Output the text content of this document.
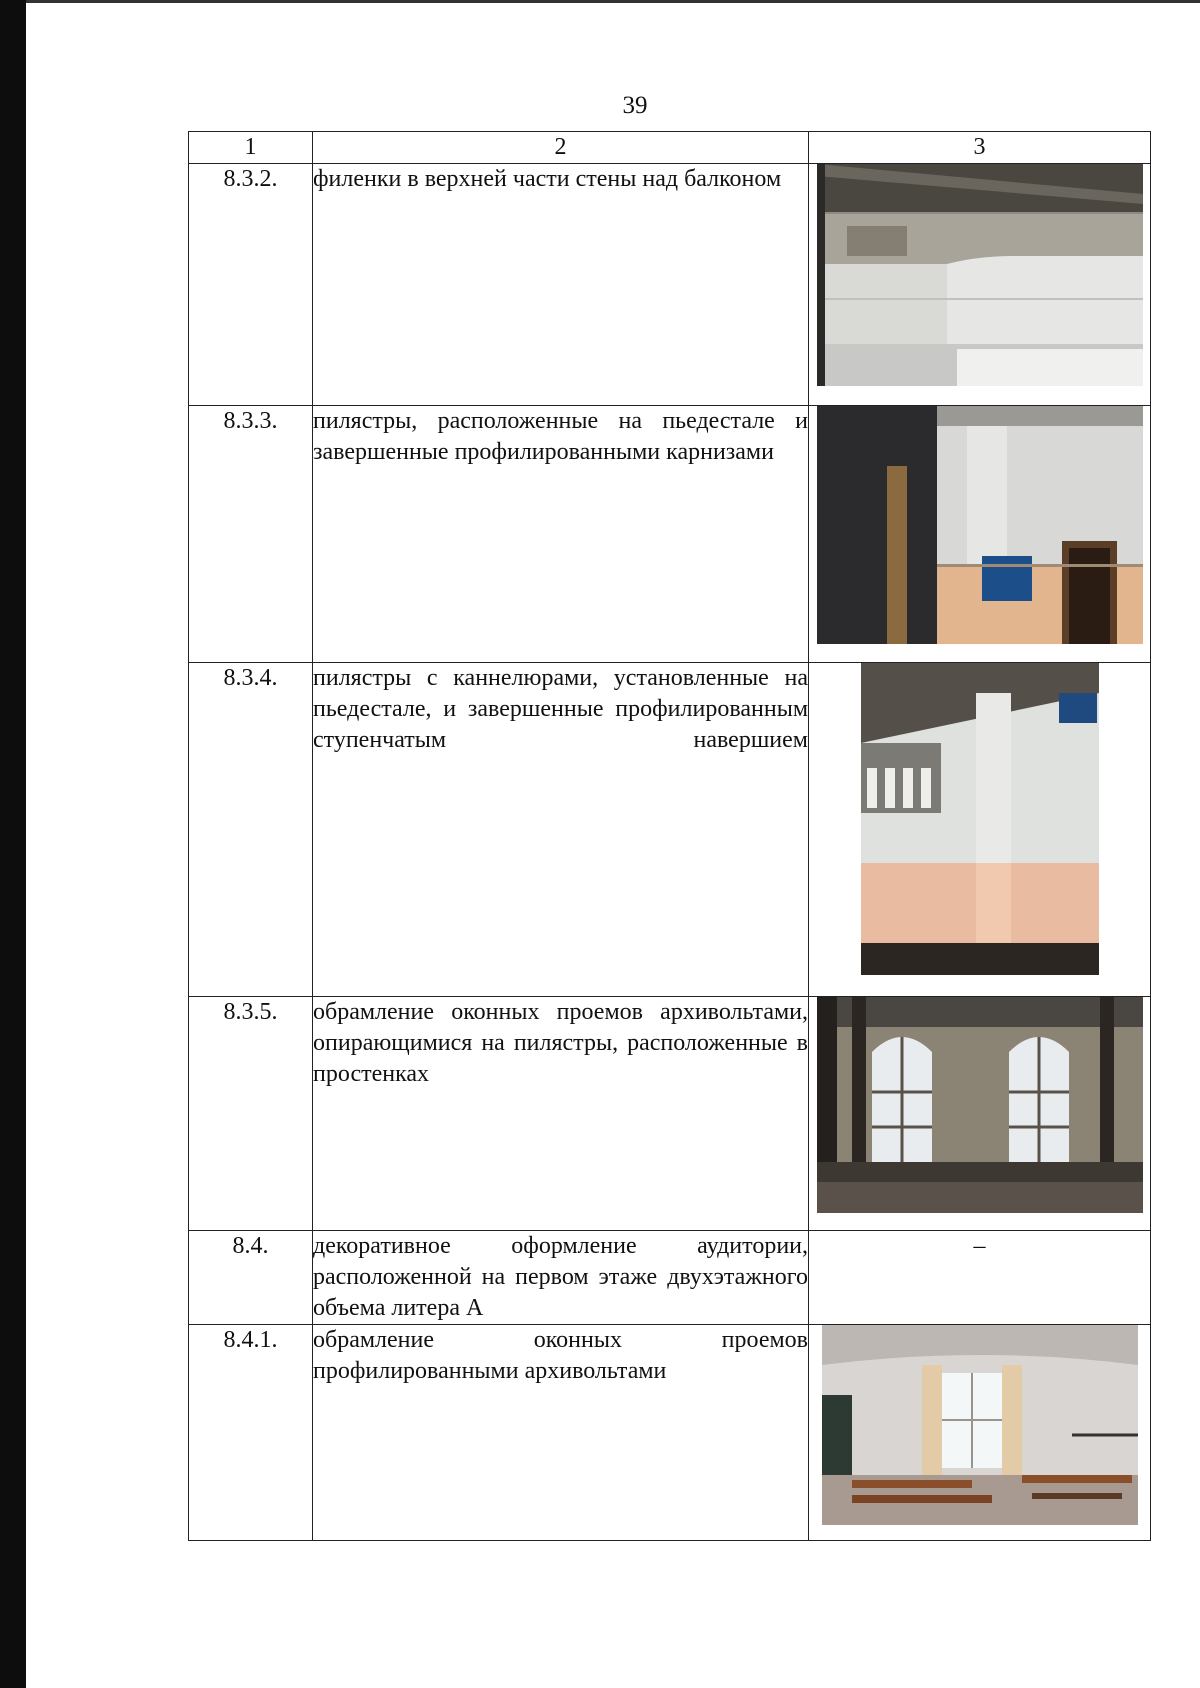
39
1	2	3
8.3.2.	филенки в верхней части стены над балконом	

8.3.3.	пилястры, расположенные на пьедестале и завершенные профилированными карнизами	

8.3.4.	пилястры с каннелюрами, установленные на пьедестале, и завершенные профилированным ступенчатым навершием	

8.3.5.	обрамление оконных проемов архивольтами, опирающимися на пилястры, расположенные в простенках	

8.4.	декоративное оформление аудитории, расположенной на первом этаже двухэтажного объема литера А	–
8.4.1.	обрамление оконных проемов профилированными архивольтами	
